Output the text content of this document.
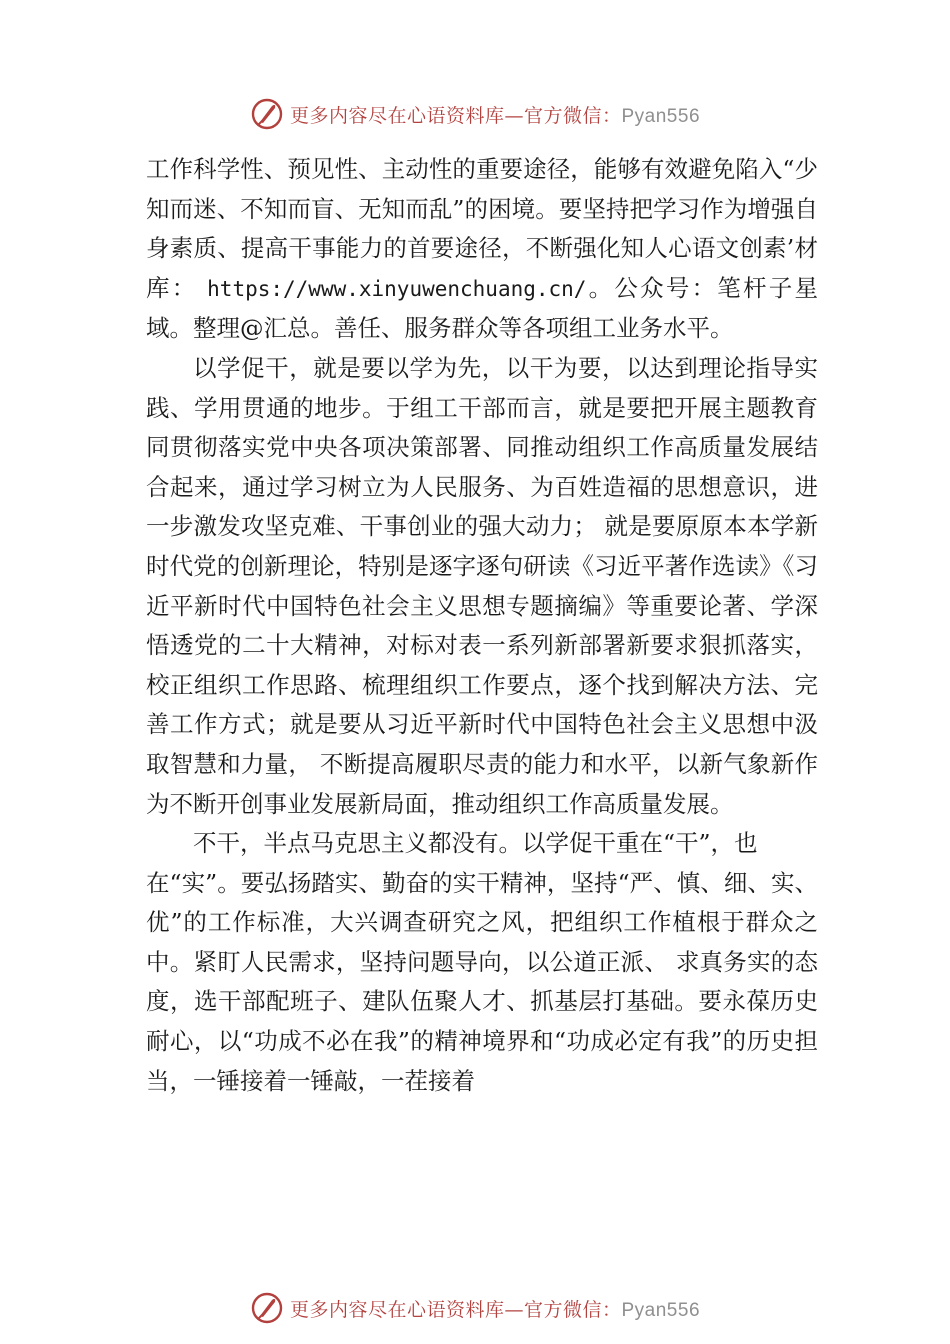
更多内容尽在心语资料库—官方微信：Pyan556

工作科学性、预见性、主动性的重要途径，能够有效避免陷入“少知而迷、不知而盲、无知而乱”的困境。要坚持把学习作为增强自身素质、提高干事能力的首要途径，不断强化知人心语文创素’材库： https://www.xinyuwenchuang.cn/。公众号：笔杆子星域。整理@汇总。善任、服务群众等各项组工业务水平。

以学促干，就是要以学为先，以干为要，以达到理论指导实践、学用贯通的地步。于组工干部而言，就是要把开展主题教育同贯彻落实党中央各项决策部署、同推动组织工作高质量发展结合起来，通过学习树立为人民服务、为百姓造福的思想意识，进一步激发攻坚克难、干事创业的强大动力； 就是要原原本本学新时代党的创新理论，特别是逐字逐句研读《习近平著作选读》《习近平新时代中国特色社会主义思想专题摘编》等重要论著、学深悟透党的二十大精神，对标对表一系列新部署新要求狠抓落实，校正组织工作思路、梳理组织工作要点，逐个找到解决方法、完善工作方式；就是要从习近平新时代中国特色社会主义思想中汲取智慧和力量， 不断提高履职尽责的能力和水平，以新气象新作为不断开创事业发展新局面，推动组织工作高质量发展。

不干，半点马克思主义都没有。以学促干重在“干”，也

在“实”。要弘扬踏实、勤奋的实干精神，坚持“严、慎、细、实、优”的工作标准，大兴调查研究之风，把组织工作植根于群众之中。紧盯人民需求，坚持问题导向，以公道正派、 求真务实的态度，选干部配班子、建队伍聚人才、抓基层打基础。要永葆历史耐心，以“功成不必在我”的精神境界和“功成必定有我”的历史担当，一锤接着一锤敲，一茬接着

更多内容尽在心语资料库—官方微信：Pyan556
